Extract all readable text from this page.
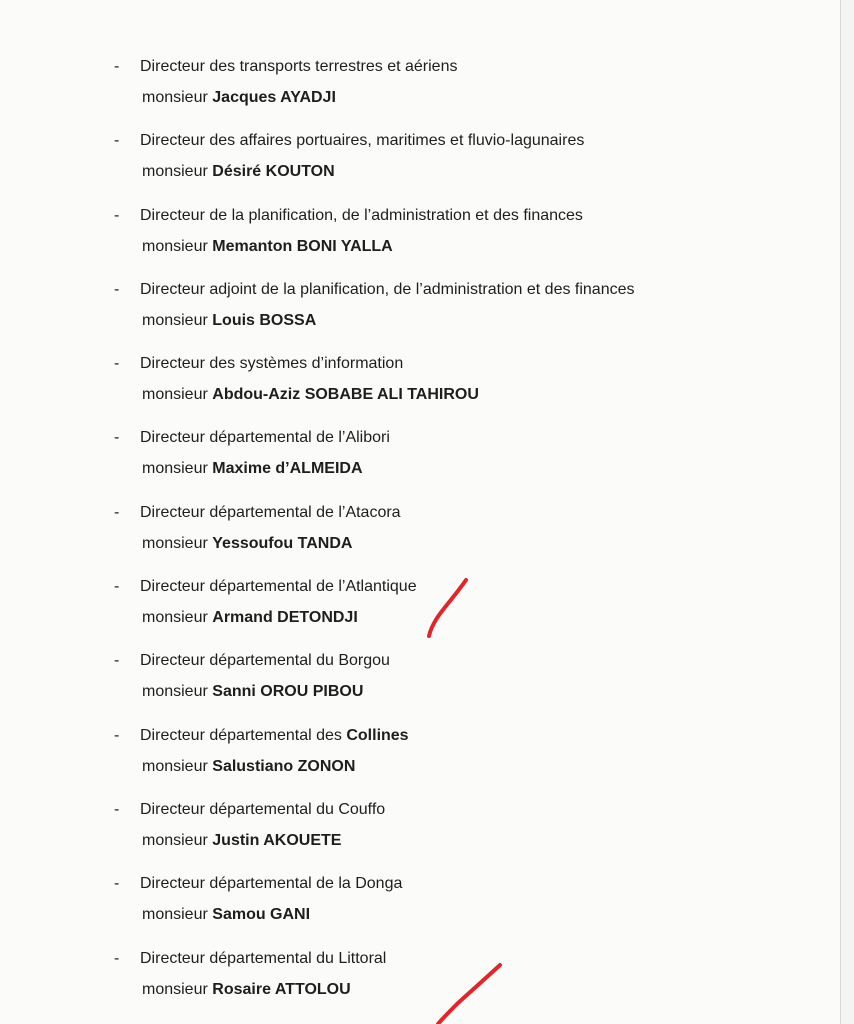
- Directeur des transports terrestres et aériens
monsieur Jacques AYADJI
- Directeur des affaires portuaires, maritimes et fluvio-lagunaires
monsieur Désiré KOUTON
- Directeur de la planification, de l’administration et des finances
monsieur Memanton BONI YALLA
- Directeur adjoint de la planification, de l’administration et des finances
monsieur Louis BOSSA
- Directeur des systèmes d’information
monsieur Abdou-Aziz SOBABE ALI TAHIROU
- Directeur départemental de l’Alibori
monsieur Maxime d’ALMEIDA
- Directeur départemental de l’Atacora
monsieur Yessoufou TANDA
- Directeur départemental de l’Atlantique
monsieur Armand DETONDJI
- Directeur départemental du Borgou
monsieur Sanni OROU PIBOU
- Directeur départemental des Collines
monsieur Salustiano ZONON
- Directeur départemental du Couffo
monsieur Justin AKOUETE
- Directeur départemental de la Donga
monsieur Samou GANI
- Directeur départemental du Littoral
monsieur Rosaire ATTOLOU
